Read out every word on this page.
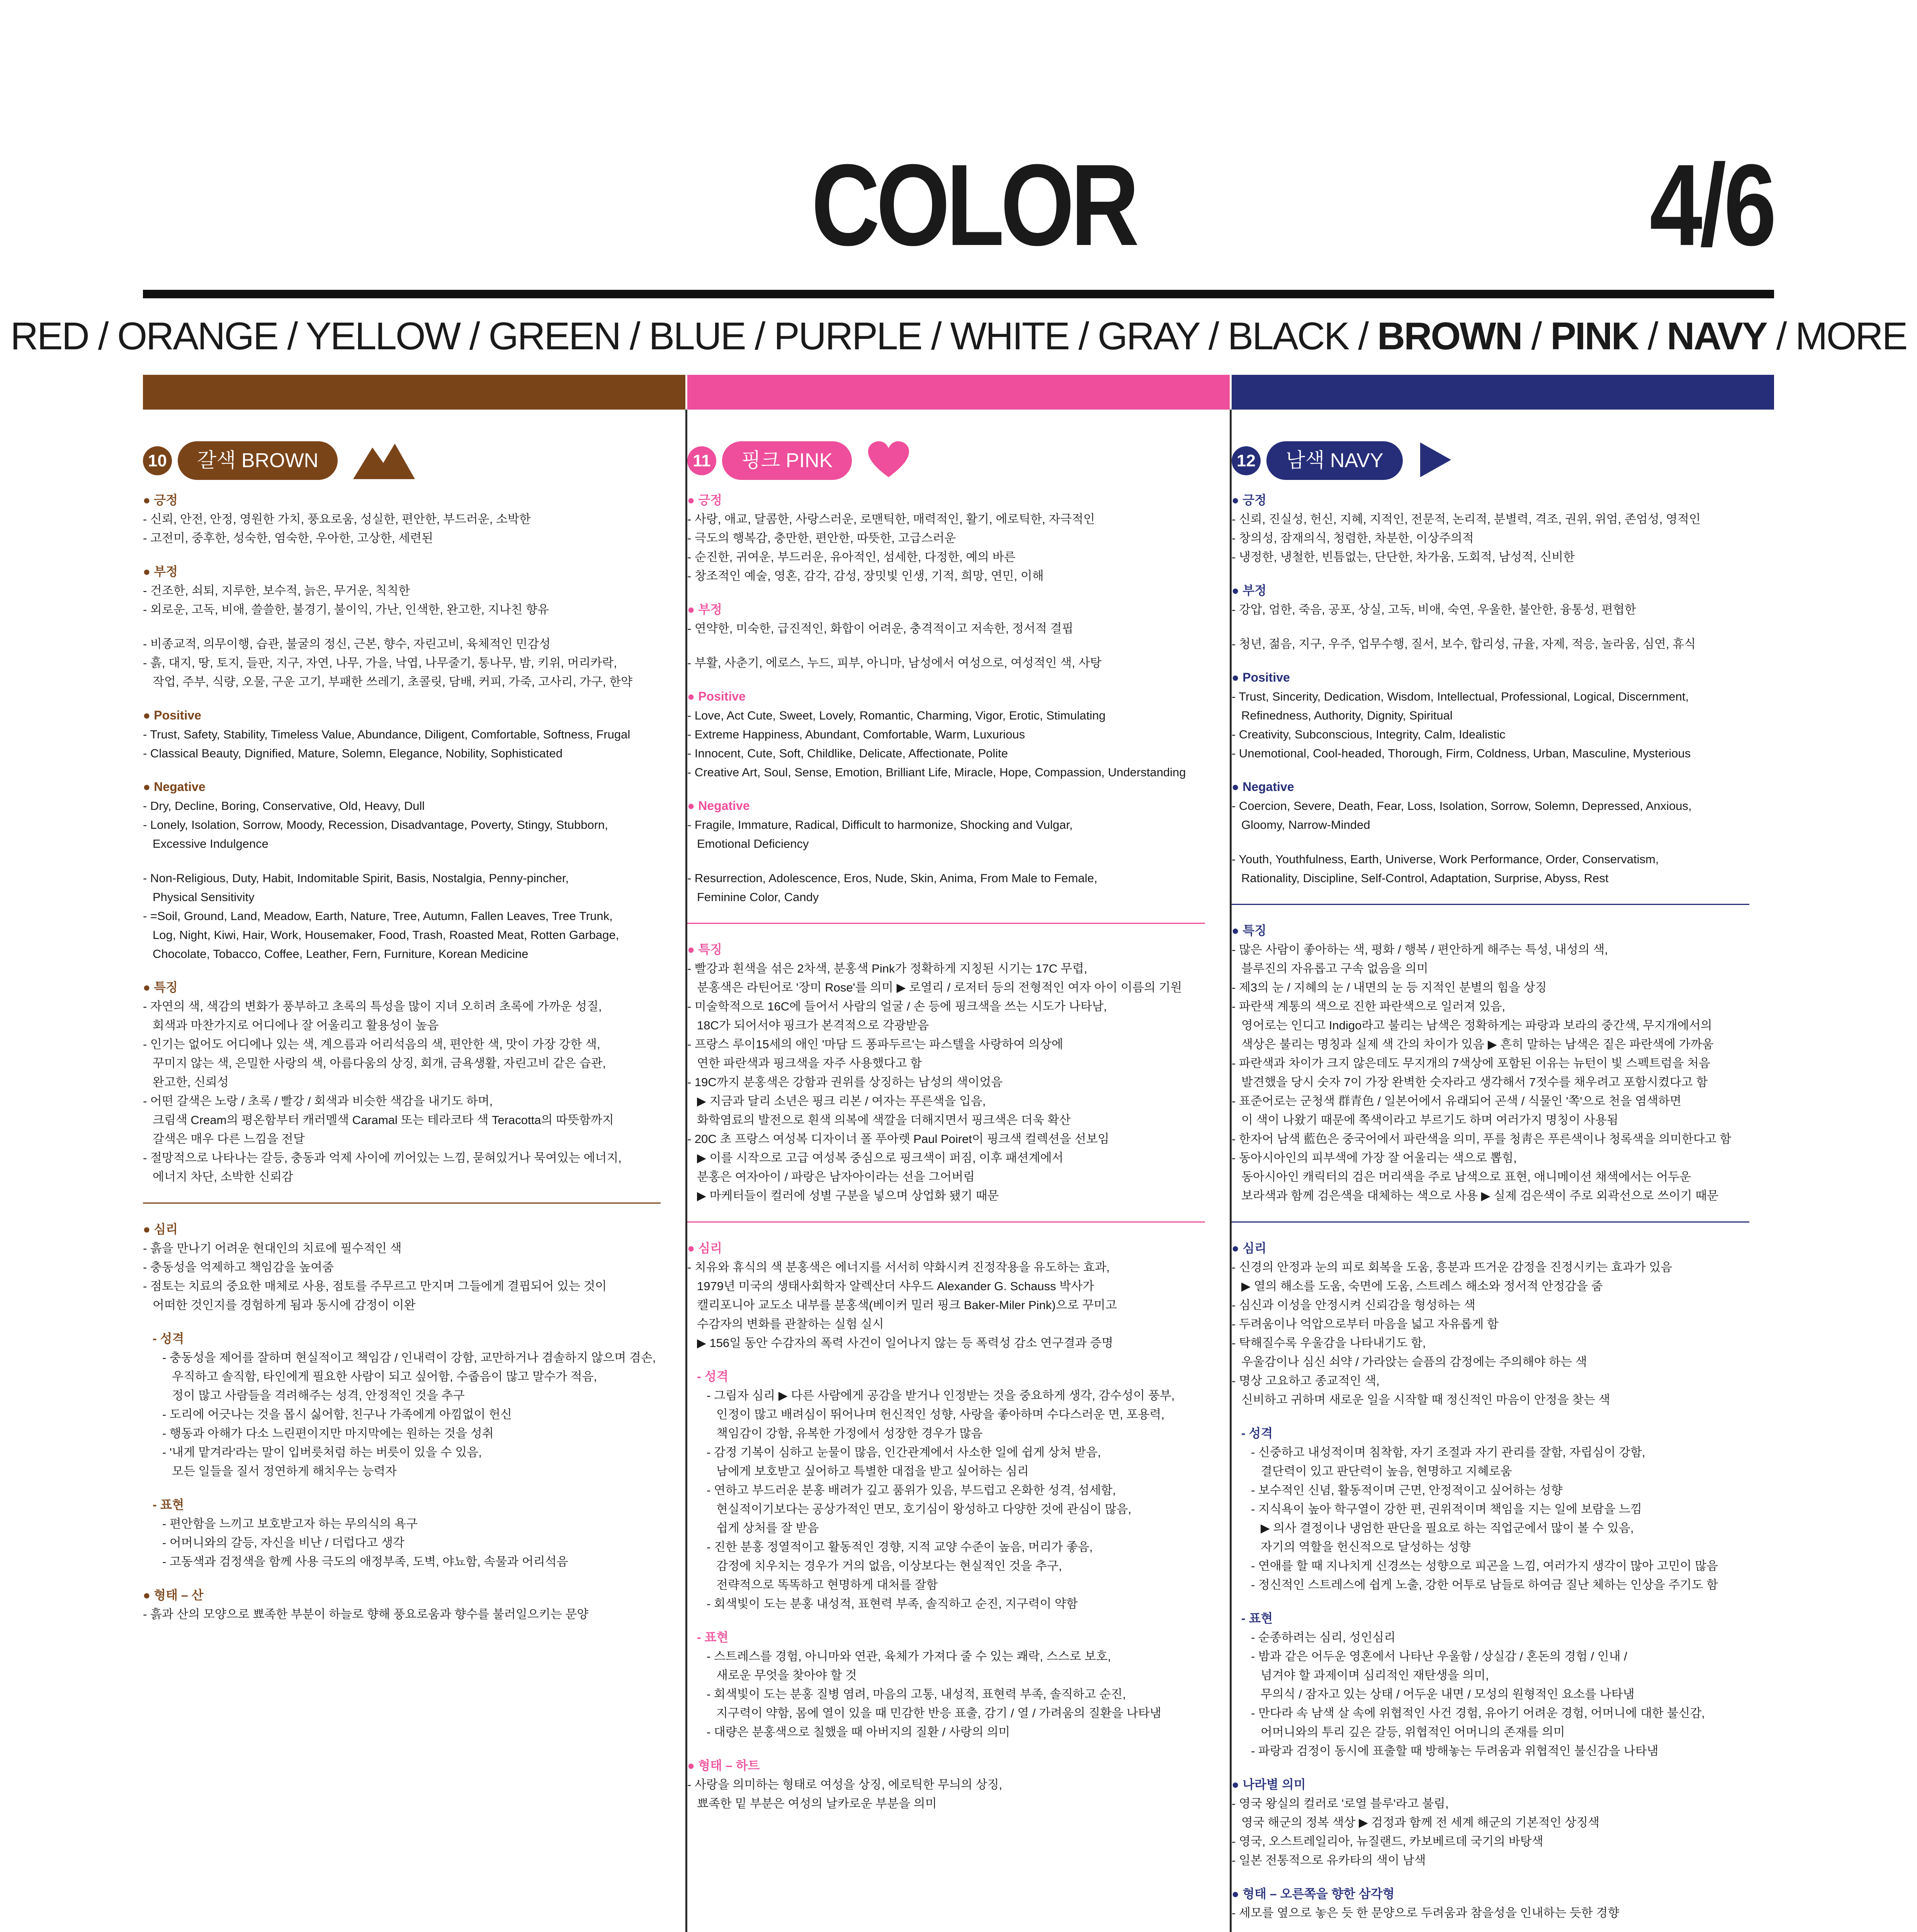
COLOR	4/6
RED / ORANGE / YELLOW / GREEN / BLUE / PURPLE / WHITE / GRAY / BLACK / BROWN / PINK / NAVY / MORE
10	갈색 BROWN
● 긍정
- 신뢰, 안전, 안정, 영원한 가치, 풍요로움, 성실한, 편안한, 부드러운, 소박한
- 고전미, 중후한, 성숙한, 염숙한, 우아한, 고상한, 세련된
● 부정
- 건조한, 쇠퇴, 지루한, 보수적, 늙은, 무거운, 칙칙한
- 외로운, 고독, 비애, 쓸쓸한, 불경기, 불이익, 가난, 인색한, 완고한, 지나친 향유
- 비종교적, 의무이행, 습관, 불굴의 정신, 근본, 향수, 자린고비, 육체적인 민감성
- 흙, 대지, 땅, 토지, 들판, 지구, 자연, 나무, 가을, 낙엽, 나무줄기, 통나무, 밤, 키위, 머리카락,
작업, 주부, 식량, 오물, 구운 고기, 부패한 쓰레기, 초콜릿, 담배, 커피, 가죽, 고사리, 가구, 한약
● Positive
- Trust, Safety, Stability, Timeless Value, Abundance, Diligent, Comfortable, Softness, Frugal
- Classical Beauty, Dignified, Mature, Solemn, Elegance, Nobility, Sophisticated
● Negative
- Dry, Decline, Boring, Conservative, Old, Heavy, Dull
- Lonely, Isolation, Sorrow, Moody, Recession, Disadvantage, Poverty, Stingy, Stubborn,
Excessive Indulgence
- Non-Religious, Duty, Habit, Indomitable Spirit, Basis, Nostalgia, Penny-pincher,
Physical Sensitivity
- =Soil, Ground, Land, Meadow, Earth, Nature, Tree, Autumn, Fallen Leaves, Tree Trunk,
Log, Night, Kiwi, Hair, Work, Housemaker, Food, Trash, Roasted Meat, Rotten Garbage,
Chocolate, Tobacco, Coffee, Leather, Fern, Furniture, Korean Medicine
● 특징
- 자연의 색, 색감의 변화가 풍부하고 초록의 특성을 많이 지녀 오히려 초록에 가까운 성질,
회색과 마찬가지로 어디에나 잘 어울리고 활용성이 높음
- 인기는 없어도 어디에나 있는 색, 계으름과 어리석음의 색, 편안한 색, 맛이 가장 강한 색,
꾸미지 않는 색, 은밀한 사랑의 색, 아름다움의 상징, 회개, 금욕생활, 자린고비 같은 습관,
완고한, 신뢰성
- 어떤 갈색은 노랑 / 초록 / 빨강 / 회색과 비슷한 색감을 내기도 하며,
크림색 Cream의 평온함부터 캐러멜색 Caramal 또는 테라코타 색 Teracotta의 따뜻함까지
갈색은 매우 다른 느낌을 전달
- 절망적으로 나타나는 갈등, 충동과 억제 사이에 끼어있는 느낌, 묻혀있거나 묵여있는 에너지,
에너지 차단, 소박한 신뢰감
● 심리
- 흙을 만나기 어려운 현대인의 치료에 필수적인 색
- 충동성을 억제하고 책임감을 높여줌
- 점토는 치료의 중요한 매체로 사용, 점토를 주무르고 만지며 그들에게 결핍되어 있는 것이
어떠한 것인지를 경험하게 됨과 동시에 감정이 이완
- 성격
- 충동성을 제어를 잘하며 현실적이고 책임감 / 인내력이 강함, 교만하거나 겸솔하지 않으며 겸손,
우직하고 솔직함, 타인에게 필요한 사람이 되고 싶어함, 수줍음이 많고 말수가 적음,
정이 많고 사람들을 격려해주는 성격, 안정적인 것을 추구
- 도리에 어긋나는 것을 몹시 싫어함, 친구나 가족에게 아낌없이 헌신
- 행동과 아해가 다소 느린편이지만 마지막에는 원하는 것을 성취
- '내게 맡겨라'라는 말이 입버릇처럼 하는 버릇이 있을 수 있음,
모든 일들을 질서 정연하게 해치우는 능력자
- 표현
- 편안함을 느끼고 보호받고자 하는 무의식의 욕구
- 어머니와의 갈등, 자신을 비난 / 더럽다고 생각
- 고동색과 검정색을 함께 사용 극도의 애정부족, 도벽, 야뇨함, 속물과 어리석음
● 형태 – 산
- 흙과 산의 모양으로 뾰족한 부분이 하늘로 향해 풍요로움과 향수를 불러일으키는 문양
11	핑크 PINK
● 긍정
- 사랑, 애교, 달콤한, 사랑스러운, 로맨틱한, 매력적인, 활기, 에로틱한, 자극적인
- 극도의 행복감, 충만한, 편안한, 따뜻한, 고급스러운
- 순진한, 귀여운, 부드러운, 유아적인, 섬세한, 다정한, 예의 바른
- 창조적인 예술, 영혼, 감각, 감성, 장밋빛 인생, 기적, 희망, 연민, 이해
● 부정
- 연약한, 미숙한, 급진적인, 화합이 어려운, 충격적이고 저속한, 정서적 결핍
- 부활, 사춘기, 에로스, 누드, 피부, 아니마, 남성에서 여성으로, 여성적인 색, 사탕
● Positive
- Love, Act Cute, Sweet, Lovely, Romantic, Charming, Vigor, Erotic, Stimulating
- Extreme Happiness, Abundant, Comfortable, Warm, Luxurious
- Innocent, Cute, Soft, Childlike, Delicate, Affectionate, Polite
- Creative Art, Soul, Sense, Emotion, Brilliant Life, Miracle, Hope, Compassion, Understanding
● Negative
- Fragile, Immature, Radical, Difficult to harmonize, Shocking and Vulgar,
Emotional Deficiency
- Resurrection, Adolescence, Eros, Nude, Skin, Anima, From Male to Female,
Feminine Color, Candy
● 특징
- 빨강과 흰색을 섞은 2차색, 분홍색 Pink가 정확하게 지칭된 시기는 17C 무렵,
분홍색은 라틴어로 '장미 Rose'를 의미 ▶ 로열리 / 로저터 등의 전형적인 여자 아이 이름의 기원
- 미술학적으로 16C에 들어서 사람의 얼굴 / 손 등에 핑크색을 쓰는 시도가 나타남,
18C가 되어서야 핑크가 본격적으로 각광받음
- 프랑스 루이15세의 애인 '마담 드 퐁파두르'는 파스텔을 사랑하여 의상에
연한 파란색과 핑크색을 자주 사용했다고 함
- 19C까지 분홍색은 강함과 권위를 상징하는 남성의 색이었음
▶ 지금과 달리 소년은 핑크 리본 / 여자는 푸른색을 입음,
화학염료의 발전으로 흰색 의복에 색깔을 더해지면서 핑크색은 더욱 확산
- 20C 초 프랑스 여성복 디자이너 폴 푸아렛 Paul Poiret이 핑크색 컬렉션을 선보임
▶ 이를 시작으로 고급 여성복 중심으로 핑크색이 퍼짐, 이후 패션계에서
분홍은 여자아이 / 파랑은 남자아이라는 선을 그어버림
▶ 마케터들이 컬러에 성별 구분을 넣으며 상업화 됐기 때문
● 심리
- 치유와 휴식의 색 분홍색은 에너지를 서서히 약화시켜 진정작용을 유도하는 효과,
1979년 미국의 생태사회학자 알렉산더 샤우드 Alexander G. Schauss 박사가
캘리포니아 교도소 내부를 분홍색(베이커 밀러 핑크 Baker-Miler Pink)으로 꾸미고
수감자의 변화를 관찰하는 실험 실시
▶ 156일 동안 수감자의 폭력 사건이 일어나지 않는 등 폭력성 감소 연구결과 증명
- 성격
- 그림자 심리 ▶ 다른 사람에게 공감을 받거나 인정받는 것을 중요하게 생각, 감수성이 풍부,
인정이 많고 배려심이 뛰어나며 헌신적인 성향, 사랑을 좋아하며 수다스러운 면, 포용력,
책임감이 강함, 유복한 가정에서 성장한 경우가 많음
- 감정 기복이 심하고 눈물이 많음, 인간관계에서 사소한 일에 쉽게 상처 받음,
남에게 보호받고 싶어하고 특별한 대접을 받고 싶어하는 심리
- 연하고 부드러운 분홍 배려가 깊고 품위가 있음, 부드럽고 온화한 성격, 섬세함,
현실적이기보다는 공상가적인 면모, 호기심이 왕성하고 다양한 것에 관심이 많음,
쉽게 상처를 잘 받음
- 진한 분홍 정열적이고 활동적인 경향, 지적 교양 수준이 높음, 머리가 좋음,
감정에 치우치는 경우가 거의 없음, 이상보다는 현실적인 것을 추구,
전략적으로 똑똑하고 현명하게 대처를 잘함
- 회색빛이 도는 분홍 내성적, 표현력 부족, 솔직하고 순진, 지구력이 약함
- 표현
- 스트레스를 경험, 아니마와 연관, 육체가 가져다 줄 수 있는 쾌락, 스스로 보호,
새로운 무엇을 찾아야 할 것
- 회색빛이 도는 분홍 질병 염려, 마음의 고통, 내성적, 표현력 부족, 솔직하고 순진,
지구력이 약함, 몸에 열이 있을 때 민감한 반응 표출, 감기 / 열 / 가려움의 질환을 나타냄
- 대량은 분홍색으로 칠했을 때 아버지의 질환 / 사랑의 의미
● 형태 – 하트
- 사랑을 의미하는 형태로 여성을 상징, 에로틱한 무늬의 상징,
뾰족한 밑 부분은 여성의 날카로운 부분을 의미
12	남색 NAVY
● 긍정
- 신뢰, 진실성, 헌신, 지혜, 지적인, 전문적, 논리적, 분별력, 격조, 권위, 위엄, 존엄성, 영적인
- 창의성, 잠재의식, 청렴한, 차분한, 이상주의적
- 냉정한, 냉철한, 빈틈없는, 단단한, 차가움, 도회적, 남성적, 신비한
● 부정
- 강압, 엄한, 죽음, 공포, 상실, 고독, 비애, 숙연, 우울한, 불안한, 융통성, 편협한
- 청년, 젊음, 지구, 우주, 업무수행, 질서, 보수, 합리성, 규율, 자제, 적응, 놀라움, 심연, 휴식
● Positive
- Trust, Sincerity, Dedication, Wisdom, Intellectual, Professional, Logical, Discernment,
Refinedness, Authority, Dignity, Spiritual
- Creativity, Subconscious, Integrity, Calm, Idealistic
- Unemotional, Cool-headed, Thorough, Firm, Coldness, Urban, Masculine, Mysterious
● Negative
- Coercion, Severe, Death, Fear, Loss, Isolation, Sorrow, Solemn, Depressed, Anxious,
Gloomy, Narrow-Minded
- Youth, Youthfulness, Earth, Universe, Work Performance, Order, Conservatism,
Rationality, Discipline, Self-Control, Adaptation, Surprise, Abyss, Rest
● 특징
- 많은 사람이 좋아하는 색, 평화 / 행복 / 편안하게 해주는 특성, 내성의 색,
블루진의 자유롭고 구속 없음을 의미
- 제3의 눈 / 지혜의 눈 / 내면의 눈 등 지적인 분별의 힘을 상징
- 파란색 계통의 색으로 진한 파란색으로 일러져 있음,
영어로는 인디고 Indigo라고 불리는 남색은 정확하게는 파랑과 보라의 중간색, 무지개에서의
색상은 불리는 명칭과 실제 색 간의 차이가 있음 ▶ 흔히 말하는 남색은 짙은 파란색에 가까움
- 파란색과 차이가 크지 않은데도 무지개의 7색상에 포함된 이유는 뉴턴이 빛 스펙트럼을 처음
발견했을 당시 숫자 7이 가장 완벽한 숫자라고 생각해서 7젓수를 채우려고 포함시켰다고 함
- 표준어로는 군청색 群青色 / 일본어에서 유래되어 곤색 / 식물인 '쪽'으로 천을 염색하면
이 색이 나왔기 때문에 쪽색이라고 부르기도 하며 여러가지 명칭이 사용됨
- 한자어 남색 藍色은 중국어에서 파란색을 의미, 푸를 청靑은 푸른색이나 청록색을 의미한다고 함
- 동아시아인의 피부색에 가장 잘 어울리는 색으로 뽑힘,
동아시아인 캐릭터의 검은 머리색을 주로 남색으로 표현, 애니메이션 채색에서는 어두운
보라색과 함께 검은색을 대체하는 색으로 사용 ▶ 실제 검은색이 주로 외곽선으로 쓰이기 때문
● 심리
- 신경의 안정과 눈의 피로 회복을 도움, 흥분과 뜨거운 감정을 진정시키는 효과가 있음
▶ 열의 해소를 도움, 숙면에 도움, 스트레스 해소와 정서적 안정감을 줌
- 심신과 이성을 안정시켜 신뢰감을 형성하는 색
- 두려움이나 억압으로부터 마음을 넓고 자유롭게 함
- 탁해질수록 우울감을 나타내기도 함,
우울감이나 심신 쇠약 / 가라앉는 슬픔의 감정에는 주의해야 하는 색
- 명상 고요하고 종교적인 색,
신비하고 귀하며 새로운 일을 시작할 때 정신적인 마음이 안정을 찾는 색
- 성격
- 신중하고 내성적이며 침착함, 자기 조절과 자기 관리를 잘함, 자립심이 강함,
결단력이 있고 판단력이 높음, 현명하고 지혜로움
- 보수적인 신념, 활동적이며 근면, 안정적이고 싶어하는 성향
- 지식욕이 높아 학구열이 강한 편, 권위적이며 책임을 지는 일에 보람을 느낌
▶ 의사 결정이나 냉엄한 판단을 필요로 하는 직업군에서 많이 볼 수 있음,
자기의 역할을 헌신적으로 달성하는 성향
- 연애를 할 때 지나치게 신경쓰는 성향으로 피곤을 느낌, 여러가지 생각이 많아 고민이 많음
- 정신적인 스트레스에 쉽게 노출, 강한 어투로 남들로 하여금 질난 체하는 인상을 주기도 함
- 표현
- 순종하려는 심리, 성인심리
- 밤과 같은 어두운 영혼에서 나타난 우울함 / 상실감 / 혼돈의 경험 / 인내 /
넘겨야 할 과제이며 심리적인 재탄생을 의미,
무의식 / 잠자고 있는 상태 / 어두운 내면 / 모성의 원형적인 요소를 나타냄
- 만다라 속 남색 살 속에 위협적인 사건 경험, 유아기 어려운 경험, 어머니에 대한 불신감,
어머니와의 투리 깊은 갈등, 위협적인 어머니의 존재를 의미
- 파랑과 검정이 동시에 표출할 때 방해놓는 두려움과 위협적인 불신감을 나타냄
● 나라별 의미
- 영국 왕실의 컬러로 '로열 블루'라고 불림,
영국 해군의 정복 색상 ▶ 검정과 함께 전 세계 해군의 기본적인 상징색
- 영국, 오스트레일리아, 뉴질랜드, 카보베르데 국기의 바탕색
- 일본 전통적으로 유카타의 색이 남색
● 형태 – 오른쪽을 향한 삼각형
- 세모를 옆으로 놓은 듯 한 문양으로 두려움과 참을성을 인내하는 듯한 경향
